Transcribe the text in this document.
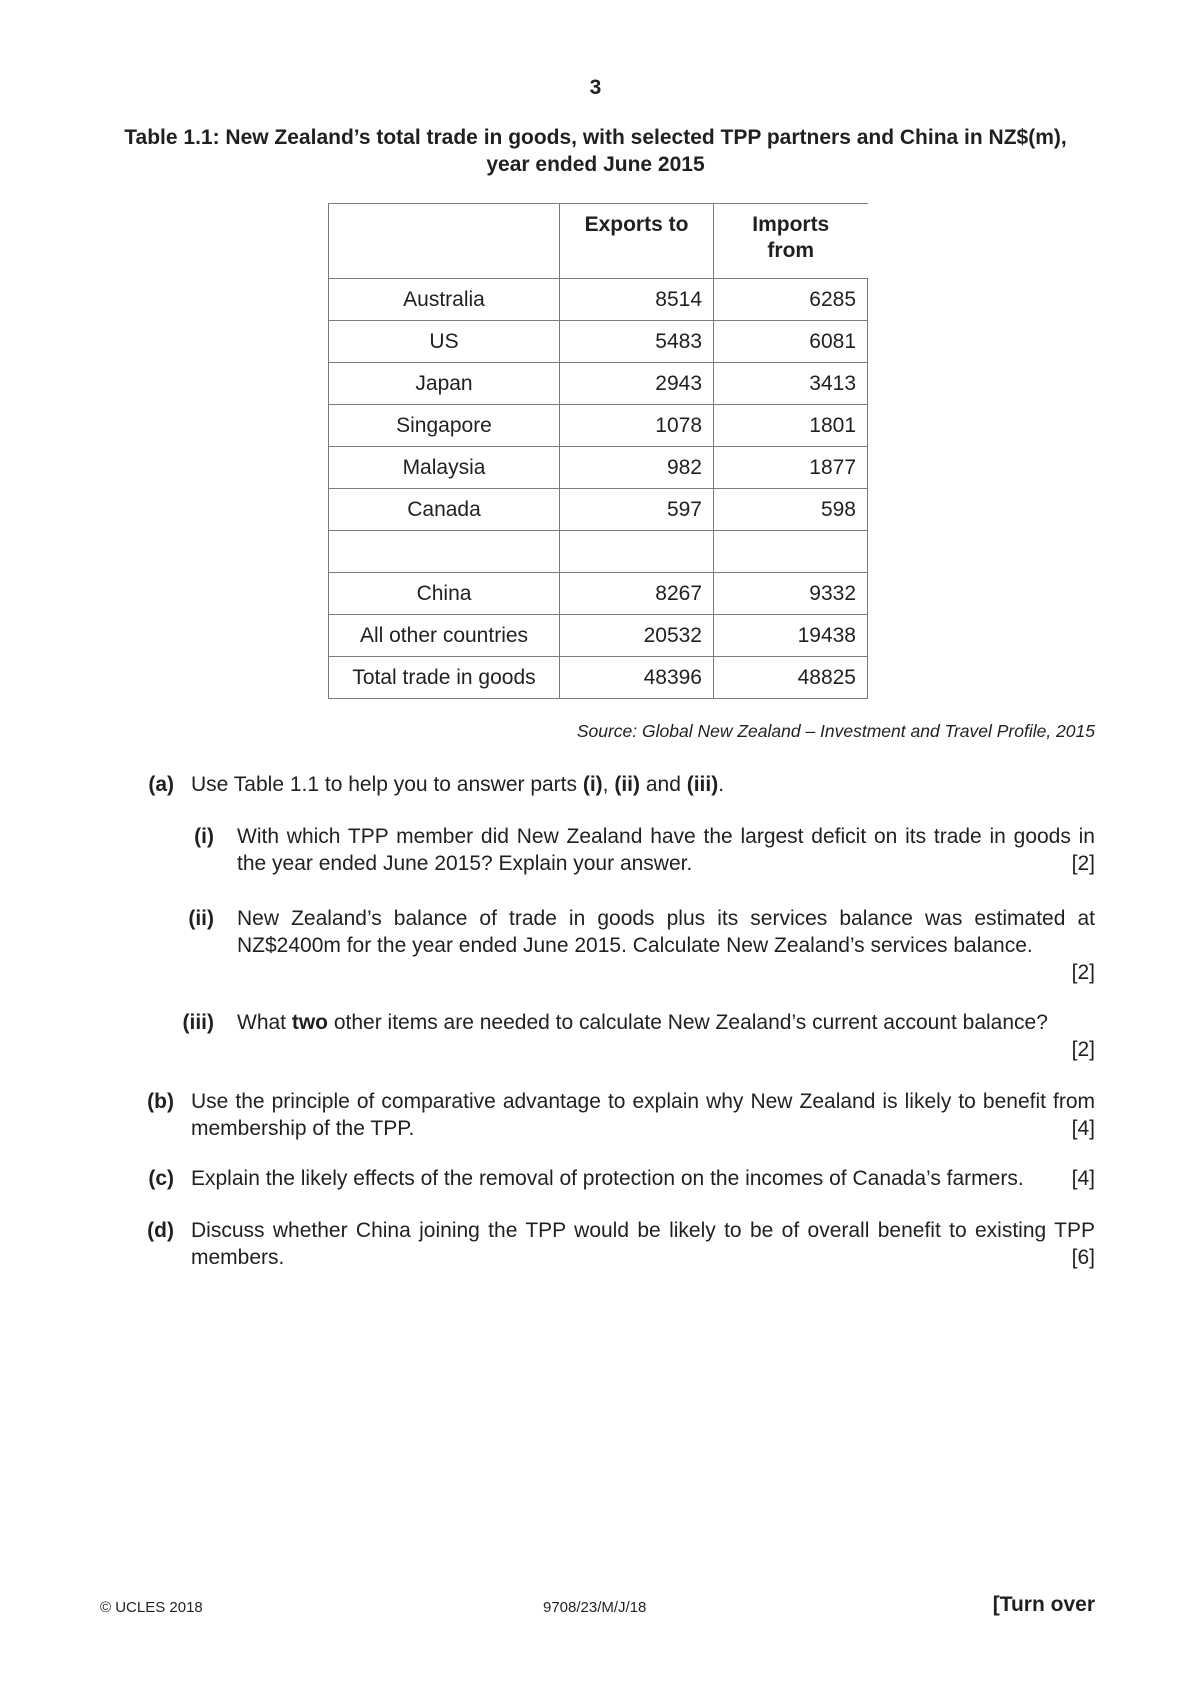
3
Table 1.1: New Zealand’s total trade in goods, with selected TPP partners and China in NZ$(m),
year ended June 2015
	Exports to	Imports from
Australia	8514	6285
US	5483	6081
Japan	2943	3413
Singapore	1078	1801
Malaysia	982	1877
Canada	597	598

China	8267	9332
All other countries	20532	19438
Total trade in goods	48396	48825
Source: Global New Zealand – Investment and Travel Profile, 2015
(a) Use Table 1.1 to help you to answer parts (i), (ii) and (iii).
(i) With which TPP member did New Zealand have the largest deficit on its trade in goods in the year ended June 2015? Explain your answer.	[2]
(ii) New Zealand’s balance of trade in goods plus its services balance was estimated at NZ$2400m for the year ended June 2015. Calculate New Zealand’s services balance.
[2]
(iii) What two other items are needed to calculate New Zealand’s current account balance?
[2]
(b) Use the principle of comparative advantage to explain why New Zealand is likely to benefit from membership of the TPP.	[4]
(c) Explain the likely effects of the removal of protection on the incomes of Canada’s farmers.	[4]
(d) Discuss whether China joining the TPP would be likely to be of overall benefit to existing TPP members.	[6]
© UCLES 2018	9708/23/M/J/18	[Turn over
